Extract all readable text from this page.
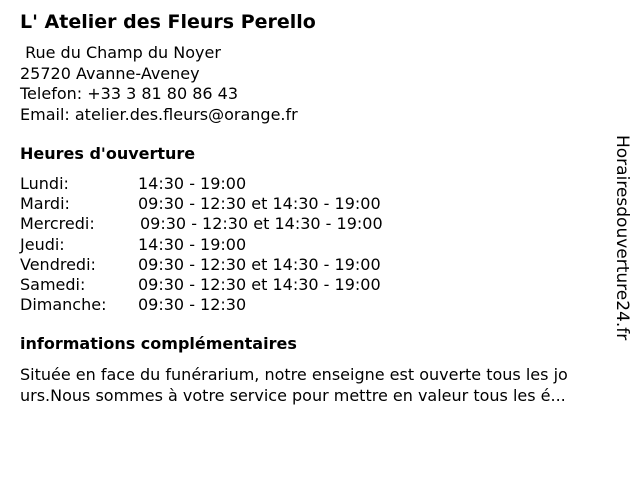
L' Atelier des Fleurs Perello
Rue du Champ du Noyer
25720 Avanne-Aveney
Telefon: +33 3 81 80 86 43
Email: atelier.des.fleurs@orange.fr
Heures d'ouverture
Lundi:	14:30 - 19:00
Mardi:	09:30 - 12:30 et 14:30 - 19:00
Mercredi:	09:30 - 12:30 et 14:30 - 19:00
Jeudi:	14:30 - 19:00
Vendredi:	09:30 - 12:30 et 14:30 - 19:00
Samedi:	09:30 - 12:30 et 14:30 - 19:00
Dimanche: 09:30 - 12:30
informations complémentaires
Située en face du funérarium, notre enseigne est ouverte tous les jo
urs.Nous sommes à votre service pour mettre en valeur tous les é...
Horairesdouverture24.fr
